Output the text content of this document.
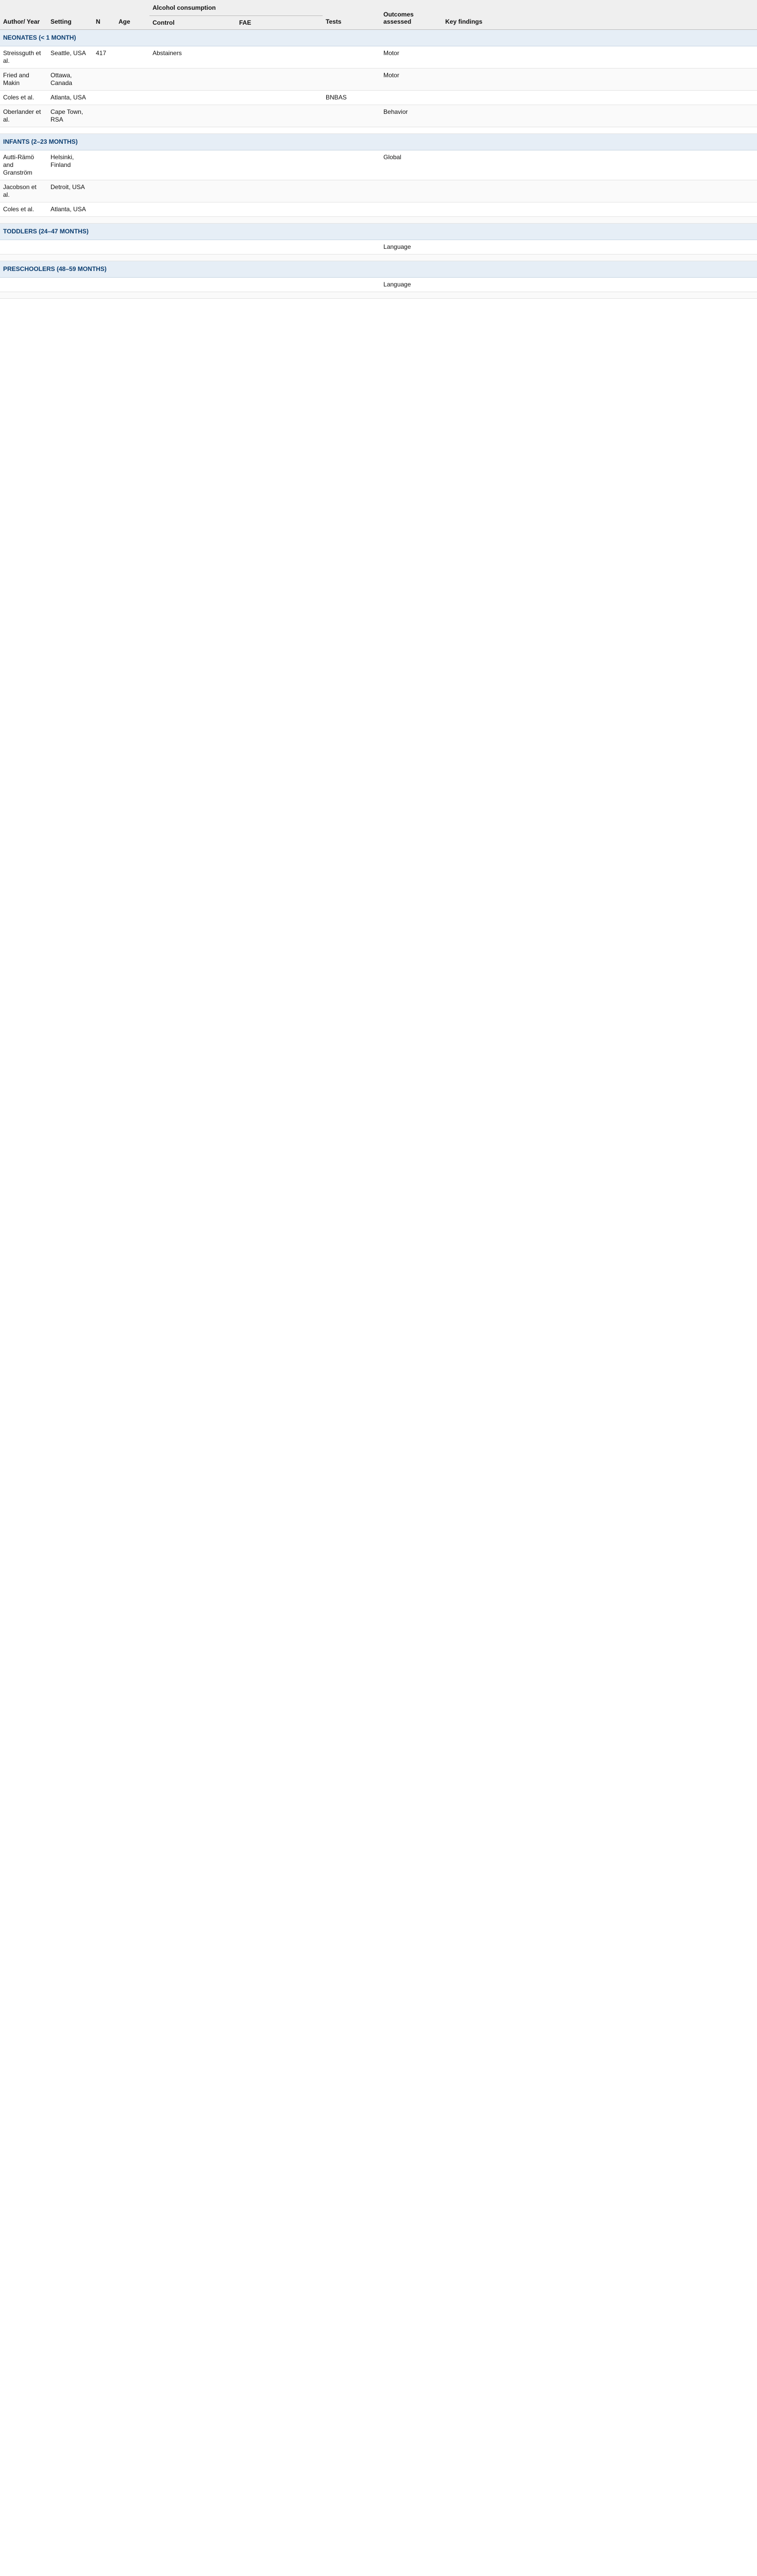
Author/ Year	Setting	N	Age	Alcohol consumption		Tests	Outcomes assessed	Key findings
				Control	FAE			
NEONATES (< 1 MONTH)								
Streissguth et al.	Seattle, USA	417		Abstainers			Motor	
Fried and Makin	Ottawa, Canada						Motor	
Coles et al.	Atlanta, USA					BNBAS		
Oberlander et al.	Cape Town, RSA						Behavior	

INFANTS (2–23 MONTHS)								
Autti-Rämö and Granström	Helsinki, Finland						Global	
Jacobson et al.	Detroit, USA							
Coles et al.	Atlanta, USA							

TODDLERS (24–47 MONTHS)								
							Language	

PRESCHOOLERS (48–59 MONTHS)								
							Language	
